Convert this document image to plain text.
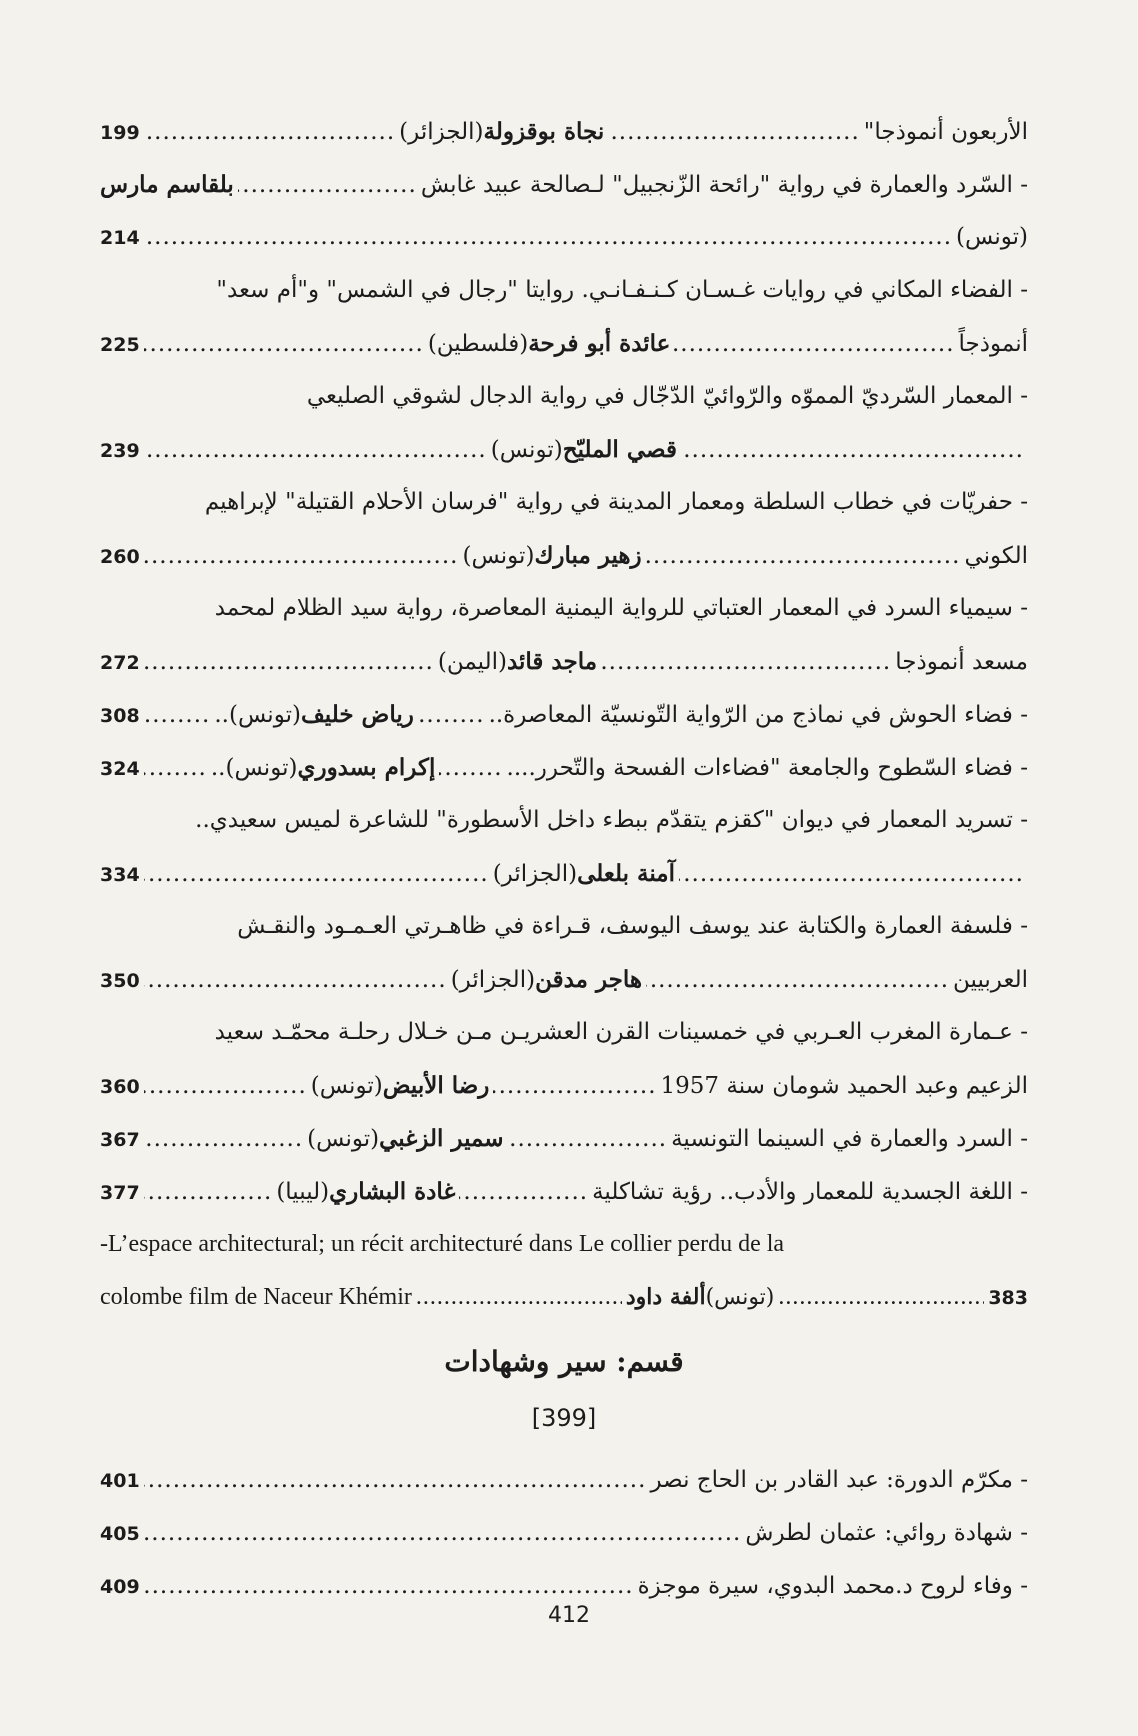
الأربعون أنموذجا"
.....
نجاة بوقزولة
(الجزائر)
.....
199
- السّرد والعمارة في رواية "رائحة الزّنجبيل" لـصالحة عبيد غابش
.....
بلقاسم مارس
(تونس)
.....
214
- الفضاء المكاني في روايات غـسـان كـنـفـانـي. روايتا "رجال في الشمس" و"أم سعد"
أنموذجاً
.....
عائدة أبو فرحة
(فلسطين)
.....
225
- المعمار السّرديّ المموّه والرّوائيّ الدّجّال في رواية الدجال لشوقي الصليعي
.....
قصي المليّح
(تونس)
.....
239
- حفريّات في خطاب السلطة ومعمار المدينة في رواية "فرسان الأحلام القتيلة" لإبراهيم
الكوني
.....
زهير مبارك
(تونس)
.....
260
- سيمياء السرد في المعمار العتباتي للرواية اليمنية المعاصرة، رواية سيد الظلام لمحمد
مسعد أنموذجا
.....
ماجد قائد
(اليمن)
.....
272
- فضاء الحوش في نماذج من الرّواية التّونسيّة المعاصرة..
.....
رياض خليف
(تونس)..
.....
308
- فضاء السّطوح والجامعة "فضاءات الفسحة والتّحرر....
.....
إكرام بسدوري
(تونس)..
.....
324
- تسريد المعمار في ديوان "كقزم يتقدّم ببطء داخل الأسطورة" للشاعرة لميس سعيدي..
.....
آمنة بلعلى
(الجزائر)
.....
334
- فلسفة العمارة والكتابة عند يوسف اليوسف، قـراءة في ظاهـرتي العـمـود والنقـش
العربيين
.....
هاجر مدقن
(الجزائر)
.....
350
- عـمارة المغرب العـربي في خمسينات القرن العشريـن مـن خـلال رحلـة محمّـد سعيد
الزعيم وعبد الحميد شومان سنة 1957
.....
رضا الأبيض
(تونس)
.....
360
- السرد والعمارة في السينما التونسية
.....
سمير الزغبي
(تونس)
.....
367
- اللغة الجسدية للمعمار والأدب.. رؤية تشاكلية
.....
غادة البشاري
(ليبيا)
.....
377
-L’espace architectural; un récit architecturé dans Le collier perdu de la
colombe film de Naceur Khémir .....	ألفة داود (تونس) .....	383
قسم: سير وشهادات
[399]
- مكرّم الدورة: عبد القادر بن الحاج نصر
.....
401
- شهادة روائي: عثمان لطرش
.....
405
- وفاء لروح د.محمد البدوي، سيرة موجزة
.....
409
412
